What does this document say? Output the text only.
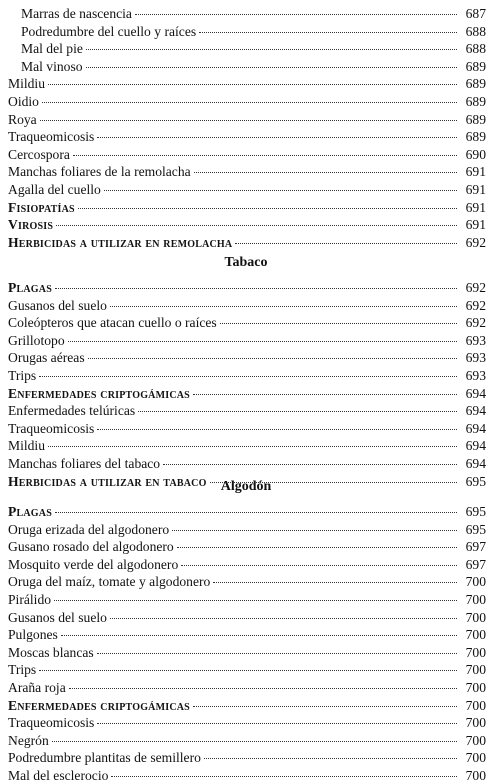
Marras de nascencia	687
Podredumbre del cuello y raíces	688
Mal del pie	688
Mal vinoso	689
Mildiu	689
Oidio	689
Roya	689
Traqueomicosis	689
Cercospora	690
Manchas foliares de la remolacha	691
Agalla del cuello	691
Fisiopatías	691
Virosis	691
Herbicidas a utilizar en remolacha	692
Tabaco
Plagas	692
Gusanos del suelo	692
Coleópteros que atacan cuello o raíces	692
Grillotopo	693
Orugas aéreas	693
Trips	693
Enfermedades criptogámicas	694
Enfermedades telúricas	694
Traqueomicosis	694
Mildiu	694
Manchas foliares del tabaco	694
Herbicidas a utilizar en tabaco	695
Algodón
Plagas	695
Oruga erizada del algodonero	695
Gusano rosado del algodonero	697
Mosquito verde del algodonero	697
Oruga del maíz, tomate y algodonero	700
Pirálido	700
Gusanos del suelo	700
Pulgones	700
Moscas blancas	700
Trips	700
Araña roja	700
Enfermedades criptogámicas	700
Traqueomicosis	700
Negrón	700
Podredumbre plantitas de semillero	700
Mal del esclerocio	700
